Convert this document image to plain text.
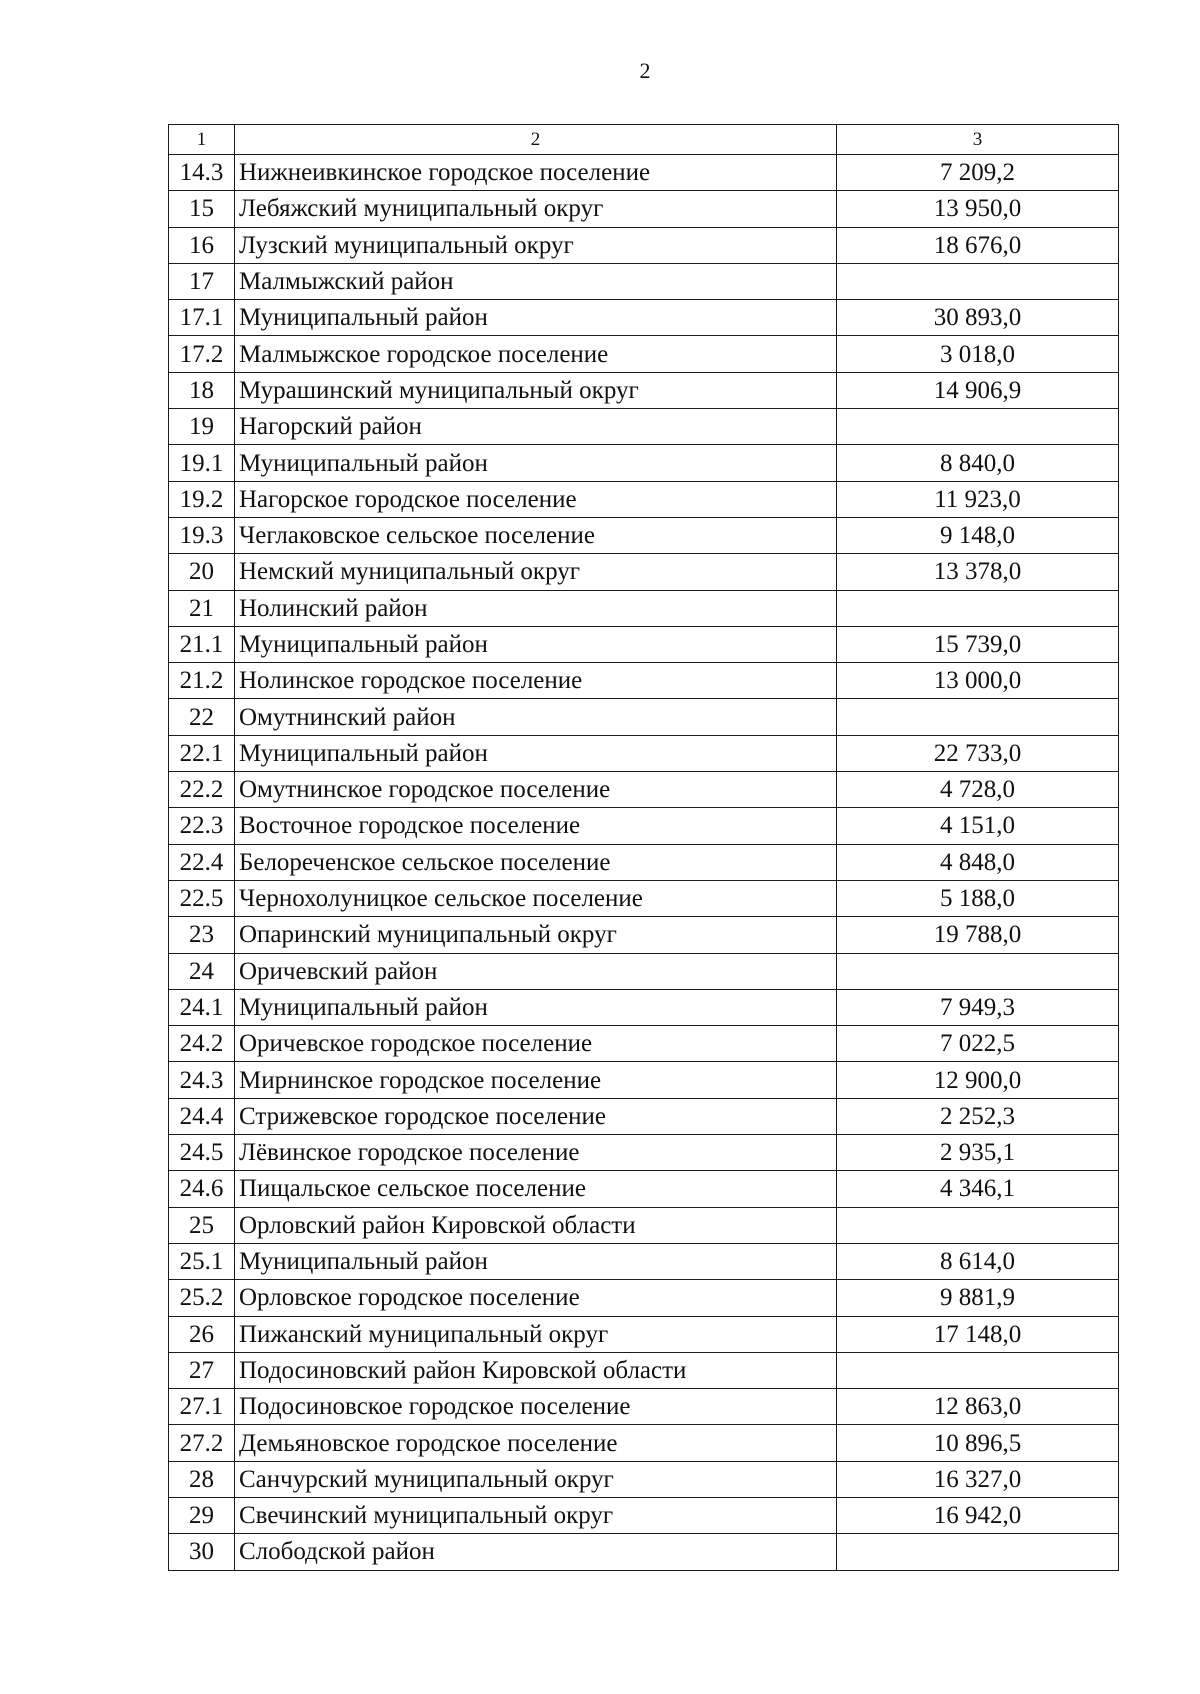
2
1	2	3
14.3	Нижнеивкинское городское поселение	7 209,2
15	Лебяжский муниципальный округ	13 950,0
16	Лузский муниципальный округ	18 676,0
17	Малмыжский район	
17.1	Муниципальный район	30 893,0
17.2	Малмыжское городское поселение	3 018,0
18	Мурашинский муниципальный округ	14 906,9
19	Нагорский район	
19.1	Муниципальный район	8 840,0
19.2	Нагорское городское поселение	11 923,0
19.3	Чеглаковское сельское поселение	9 148,0
20	Немский муниципальный округ	13 378,0
21	Нолинский район	
21.1	Муниципальный район	15 739,0
21.2	Нолинское городское поселение	13 000,0
22	Омутнинский район	
22.1	Муниципальный район	22 733,0
22.2	Омутнинское городское поселение	4 728,0
22.3	Восточное городское поселение	4 151,0
22.4	Белореченское сельское поселение	4 848,0
22.5	Чернохолуницкое сельское поселение	5 188,0
23	Опаринский муниципальный округ	19 788,0
24	Оричевский район	
24.1	Муниципальный район	7 949,3
24.2	Оричевское городское поселение	7 022,5
24.3	Мирнинское городское поселение	12 900,0
24.4	Стрижевское городское поселение	2 252,3
24.5	Лёвинское городское поселение	2 935,1
24.6	Пищальское сельское поселение	4 346,1
25	Орловский район Кировской области	
25.1	Муниципальный район	8 614,0
25.2	Орловское городское поселение	9 881,9
26	Пижанский муниципальный округ	17 148,0
27	Подосиновский район Кировской области	
27.1	Подосиновское городское поселение	12 863,0
27.2	Демьяновское городское поселение	10 896,5
28	Санчурский муниципальный округ	16 327,0
29	Свечинский муниципальный округ	16 942,0
30	Слободской район	
